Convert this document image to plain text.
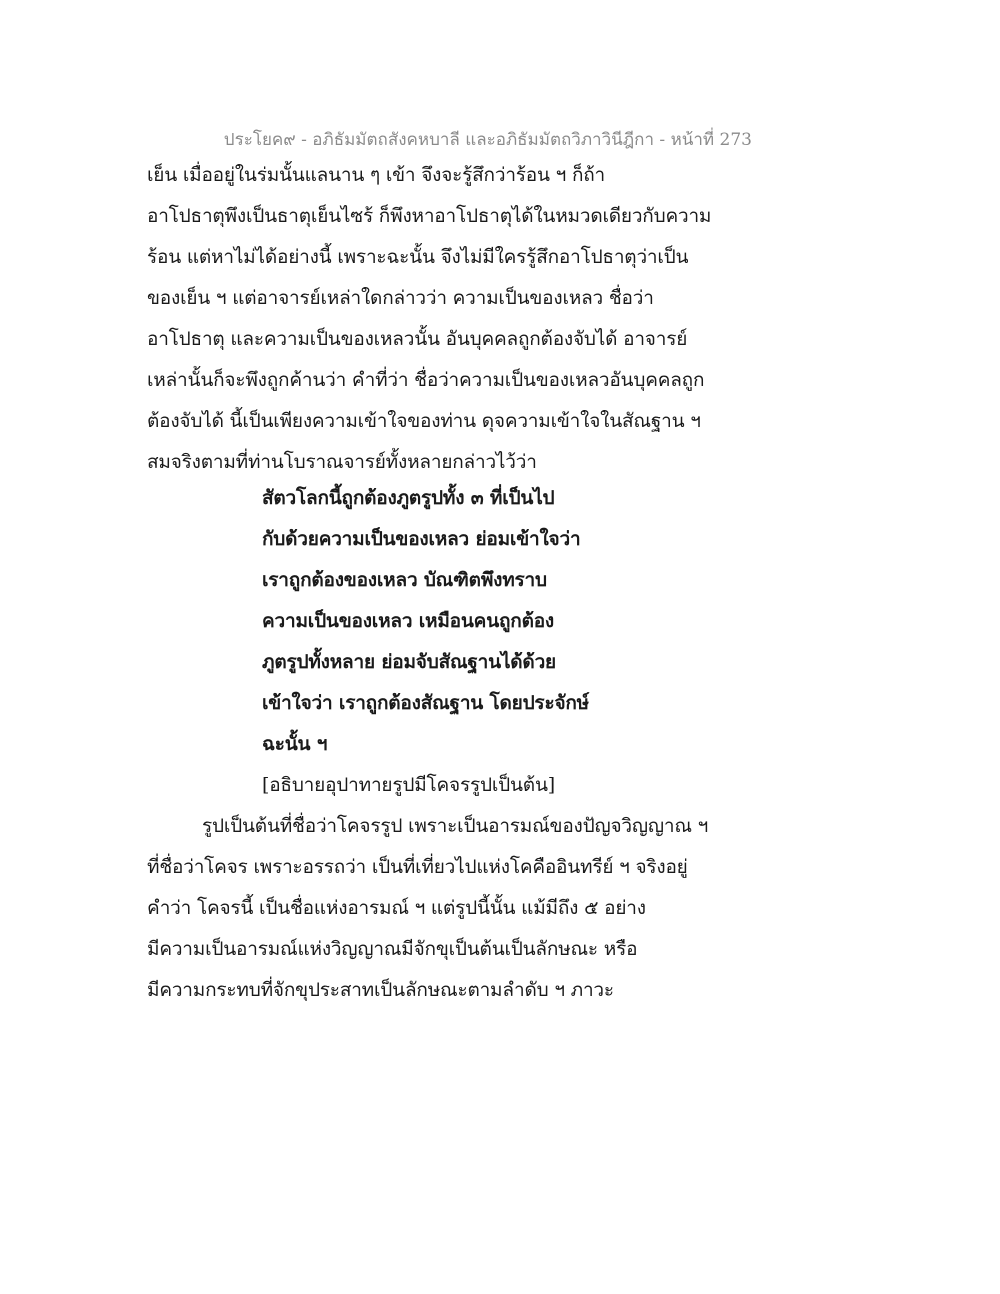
ประโยค๙ - อภิธัมมัตถสังคหบาลี และอภิธัมมัตถวิภาวินีฎีกา - หน้าที่ 273
เย็น เมื่ออยู่ในร่มนั้นแลนาน ๆ เข้า จึงจะรู้สึกว่าร้อน ฯ ก็ถ้า
อาโปธาตุพึงเป็นธาตุเย็นไซร้ ก็พึงหาอาโปธาตุได้ในหมวดเดียวกับความ
ร้อน แต่หาไม่ได้อย่างนี้ เพราะฉะนั้น จึงไม่มีใครรู้สึกอาโปธาตุว่าเป็น
ของเย็น ฯ แต่อาจารย์เหล่าใดกล่าวว่า ความเป็นของเหลว ชื่อว่า
อาโปธาตุ และความเป็นของเหลวนั้น อันบุคคลถูกต้องจับได้ อาจารย์
เหล่านั้นก็จะพึงถูกค้านว่า คำที่ว่า ชื่อว่าความเป็นของเหลวอันบุคคลถูก
ต้องจับได้ นี้เป็นเพียงความเข้าใจของท่าน ดุจความเข้าใจในสัณฐาน ฯ
สมจริงตามที่ท่านโบราณจารย์ทั้งหลายกล่าวไว้ว่า
สัตวโลกนี้ถูกต้องภูตรูปทั้ง ๓ ที่เป็นไป
กับด้วยความเป็นของเหลว ย่อมเข้าใจว่า
เราถูกต้องของเหลว บัณฑิตพึงทราบ
ความเป็นของเหลว เหมือนคนถูกต้อง
ภูตรูปทั้งหลาย ย่อมจับสัณฐานได้ด้วย
เข้าใจว่า เราถูกต้องสัณฐาน โดยประจักษ์
ฉะนั้น ฯ
[อธิบายอุปาทายรูปมีโคจรรูปเป็นต้น]
รูปเป็นต้นที่ชื่อว่าโคจรรูป เพราะเป็นอารมณ์ของปัญจวิญญาณ ฯ
ที่ชื่อว่าโคจร เพราะอรรถว่า เป็นที่เที่ยวไปแห่งโคคืออินทรีย์ ฯ จริงอยู่
คำว่า โคจรนี้ เป็นชื่อแห่งอารมณ์ ฯ แต่รูปนี้นั้น แม้มีถึง ๕ อย่าง
มีความเป็นอารมณ์แห่งวิญญาณมีจักขุเป็นต้นเป็นลักษณะ หรือ
มีความกระทบที่จักขุประสาทเป็นลักษณะตามลำดับ ฯ ภาวะ
